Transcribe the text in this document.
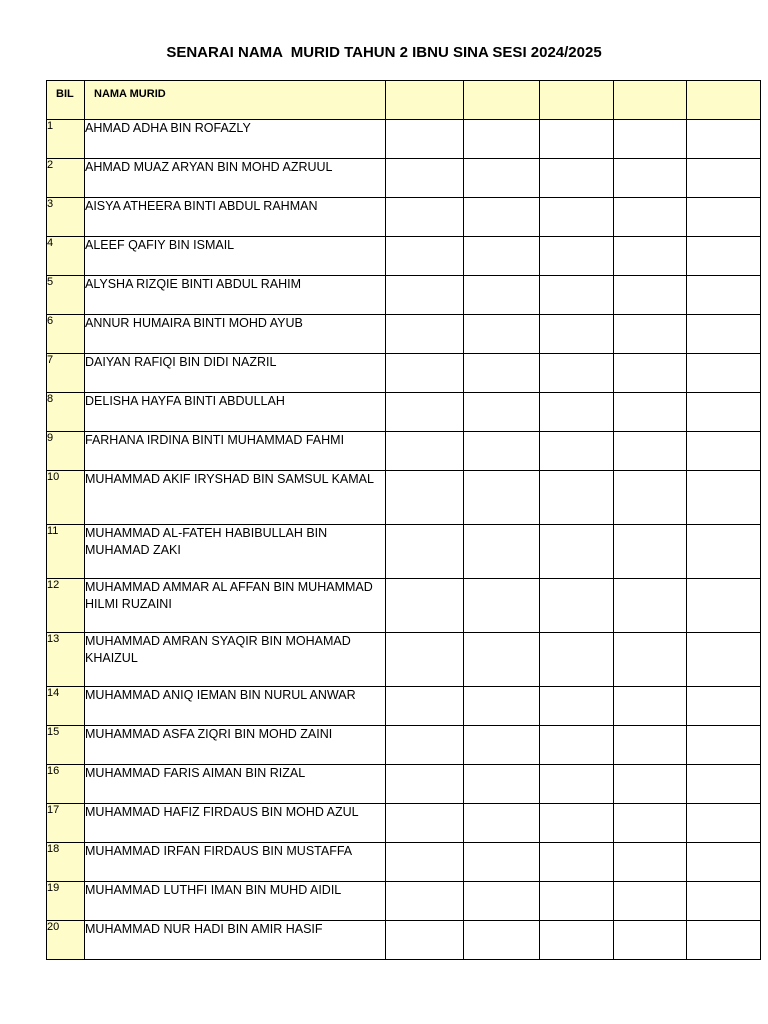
SENARAI NAMA  MURID TAHUN 2 IBNU SINA SESI 2024/2025
BIL	NAMA MURID					
1	AHMAD ADHA BIN ROFAZLY					
2	AHMAD MUAZ ARYAN BIN MOHD AZRUUL					
3	AISYA ATHEERA BINTI ABDUL RAHMAN					
4	ALEEF QAFIY BIN ISMAIL					
5	ALYSHA RIZQIE BINTI ABDUL RAHIM					
6	ANNUR HUMAIRA BINTI MOHD AYUB					
7	DAIYAN RAFIQI BIN DIDI NAZRIL					
8	DELISHA HAYFA BINTI ABDULLAH					
9	FARHANA IRDINA BINTI MUHAMMAD FAHMI					
10	MUHAMMAD AKIF IRYSHAD BIN SAMSUL KAMAL					
11	MUHAMMAD AL-FATEH HABIBULLAH BIN MUHAMAD ZAKI					
12	MUHAMMAD AMMAR AL AFFAN BIN MUHAMMAD HILMI RUZAINI					
13	MUHAMMAD AMRAN SYAQIR BIN MOHAMAD KHAIZUL					
14	MUHAMMAD ANIQ IEMAN BIN NURUL ANWAR					
15	MUHAMMAD ASFA ZIQRI BIN MOHD ZAINI					
16	MUHAMMAD FARIS AIMAN BIN RIZAL					
17	MUHAMMAD HAFIZ FIRDAUS BIN MOHD AZUL					
18	MUHAMMAD IRFAN FIRDAUS BIN MUSTAFFA					
19	MUHAMMAD LUTHFI IMAN BIN MUHD AIDIL					
20	MUHAMMAD NUR HADI BIN AMIR HASIF					
